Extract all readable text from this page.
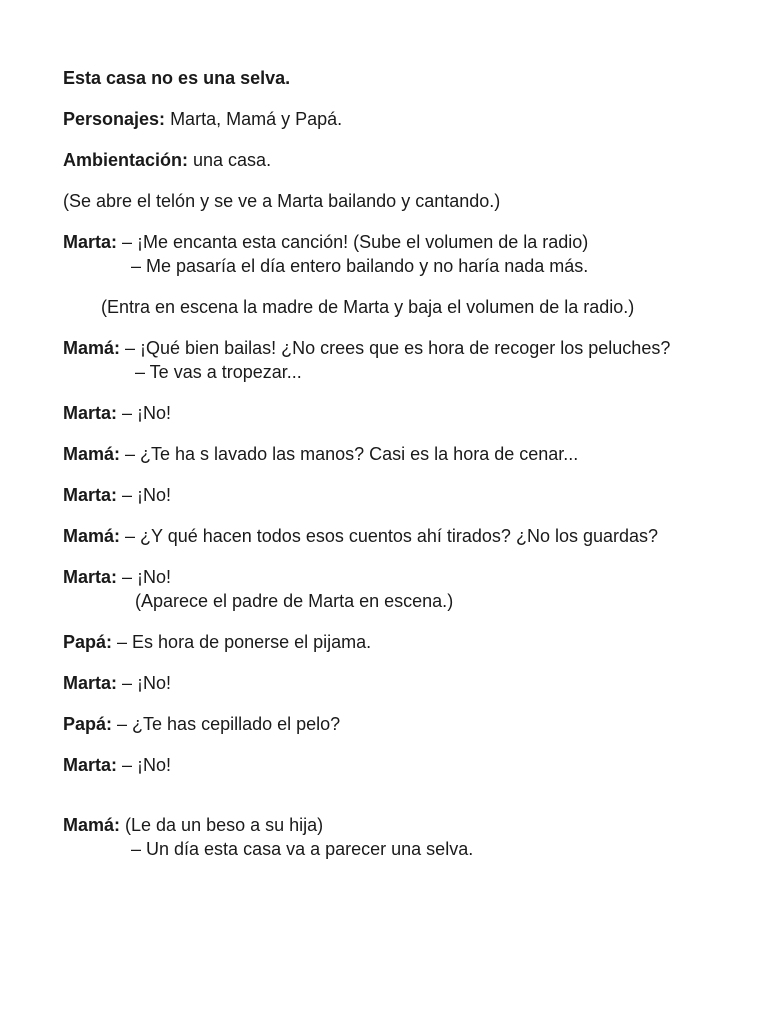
Esta casa no es una selva.

Personajes: Marta, Mamá y Papá.

Ambientación: una casa.

(Se abre el telón y se ve a Marta bailando y cantando.)

Marta: – ¡Me encanta esta canción! (Sube el volumen de la radio)
– Me pasaría el día entero bailando y no haría nada más.

(Entra en escena la madre de Marta y baja el volumen de la radio.)

Mamá: – ¡Qué bien bailas! ¿No crees que es hora de recoger los peluches?
– Te vas a tropezar...

Marta: – ¡No!

Mamá: – ¿Te ha s lavado las manos? Casi es la hora de cenar...

Marta: – ¡No!

Mamá: – ¿Y qué hacen todos esos cuentos ahí tirados? ¿No los guardas?

Marta: – ¡No!
(Aparece el padre de Marta en escena.)

Papá: – Es hora de ponerse el pijama.

Marta: – ¡No!

Papá: – ¿Te has cepillado el pelo?

Marta: – ¡No!

Mamá: (Le da un beso a su hija)
– Un día esta casa va a parecer una selva.
